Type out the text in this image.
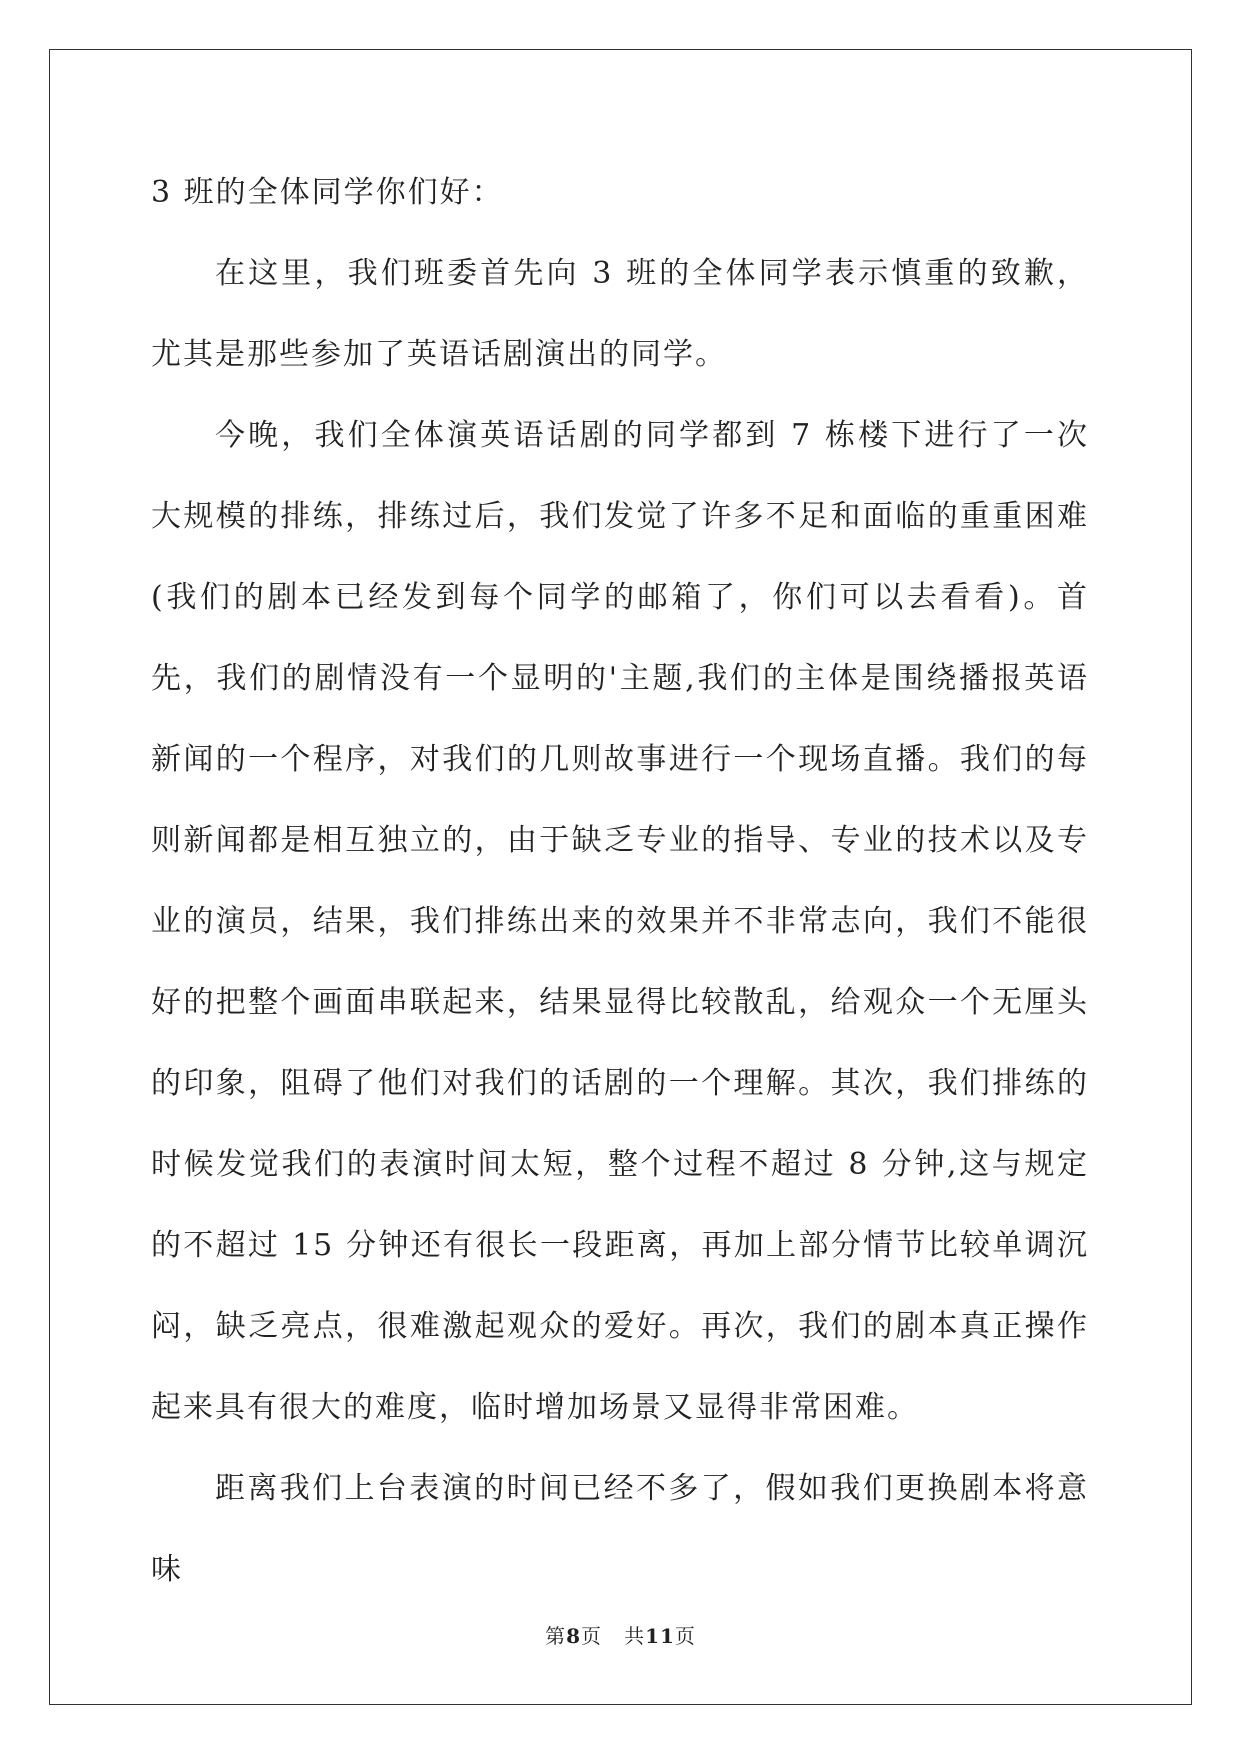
3 班的全体同学你们好：

在这里，我们班委首先向 3 班的全体同学表示慎重的致歉，尤其是那些参加了英语话剧演出的同学。

今晚，我们全体演英语话剧的同学都到 7 栋楼下进行了一次大规模的排练，排练过后，我们发觉了许多不足和面临的重重困难(我们的剧本已经发到每个同学的邮箱了，你们可以去看看)。首先，我们的剧情没有一个显明的'主题,我们的主体是围绕播报英语新闻的一个程序，对我们的几则故事进行一个现场直播。我们的每则新闻都是相互独立的，由于缺乏专业的指导、专业的技术以及专业的演员，结果，我们排练出来的效果并不非常志向，我们不能很好的把整个画面串联起来，结果显得比较散乱，给观众一个无厘头的印象，阻碍了他们对我们的话剧的一个理解。其次，我们排练的时候发觉我们的表演时间太短，整个过程不超过 8 分钟,这与规定的不超过 15 分钟还有很长一段距离，再加上部分情节比较单调沉闷，缺乏亮点，很难激起观众的爱好。再次，我们的剧本真正操作起来具有很大的难度，临时增加场景又显得非常困难。

距离我们上台表演的时间已经不多了，假如我们更换剧本将意味

第8页 共11页
